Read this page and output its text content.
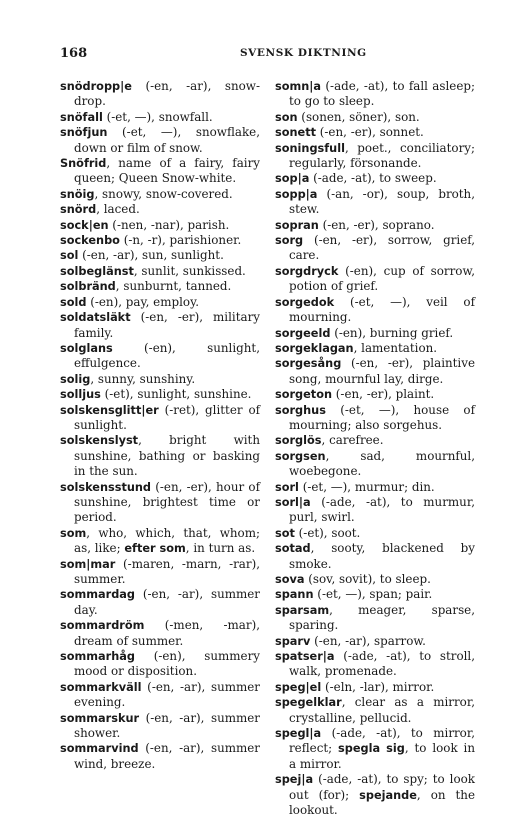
168	SVENSK DIKTNING

snödropp|e (-en, -ar), snow-drop.

snöfall (-et, —), snowfall.

snöfjun (-et, —), snowflake, down or film of snow.

Snöfrid, name of a fairy, fairy queen; Queen Snow-white.

snöig, snowy, snow-covered.

snörd, laced.

sock|en (-nen, -nar), parish.

sockenbo (-n, -r), parishioner.

sol (-en, -ar), sun, sunlight.

solbeglänst, sunlit, sunkissed.

solbränd, sunburnt, tanned.

sold (-en), pay, employ.

soldatsläkt (-en, -er), military family.

solglans (-en), sunlight, effulgence.

solig, sunny, sunshiny.

solljus (-et), sunlight, sunshine.

solskensglitt|er (-ret), glitter of sunlight.

solskenslyst, bright with sunshine, bathing or basking in the sun.

solskensstund (-en, -er), hour of sunshine, brightest time or period.

som, who, which, that, whom; as, like; efter som, in turn as.

som|mar (-maren, -marn, -rar), summer.

sommardag (-en, -ar), summer day.

sommardröm (-men, -mar), dream of summer.

sommarhåg (-en), summery mood or disposition.

sommarkväll (-en, -ar), summer evening.

sommarskur (-en, -ar), summer shower.

sommarvind (-en, -ar), summer wind, breeze.

somn|a (-ade, -at), to fall asleep; to go to sleep.

son (sonen, söner), son.

sonett (-en, -er), sonnet.

soningsfull, poet., conciliatory; regularly, försonande.

sop|a (-ade, -at), to sweep.

sopp|a (-an, -or), soup, broth, stew.

sopran (-en, -er), soprano.

sorg (-en, -er), sorrow, grief, care.

sorgdryck (-en), cup of sorrow, potion of grief.

sorgedok (-et, —), veil of mourning.

sorgeeld (-en), burning grief.

sorgeklagan, lamentation.

sorgesång (-en, -er), plaintive song, mournful lay, dirge.

sorgeton (-en, -er), plaint.

sorghus (-et, —), house of mourning; also sorgehus.

sorglös, carefree.

sorgsen, sad, mournful, woebegone.

sorl (-et, —), murmur; din.

sorl|a (-ade, -at), to murmur, purl, swirl.

sot (-et), soot.

sotad, sooty, blackened by smoke.

sova (sov, sovit), to sleep.

spann (-et, —), span; pair.

sparsam, meager, sparse, sparing.

sparv (-en, -ar), sparrow.

spatser|a (-ade, -at), to stroll, walk, promenade.

speg|el (-eln, -lar), mirror.

spegelklar, clear as a mirror, crystalline, pellucid.

spegl|a (-ade, -at), to mirror, reflect; spegla sig, to look in a mirror.

spej|a (-ade, -at), to spy; to look out (for); spejande, on the lookout.
